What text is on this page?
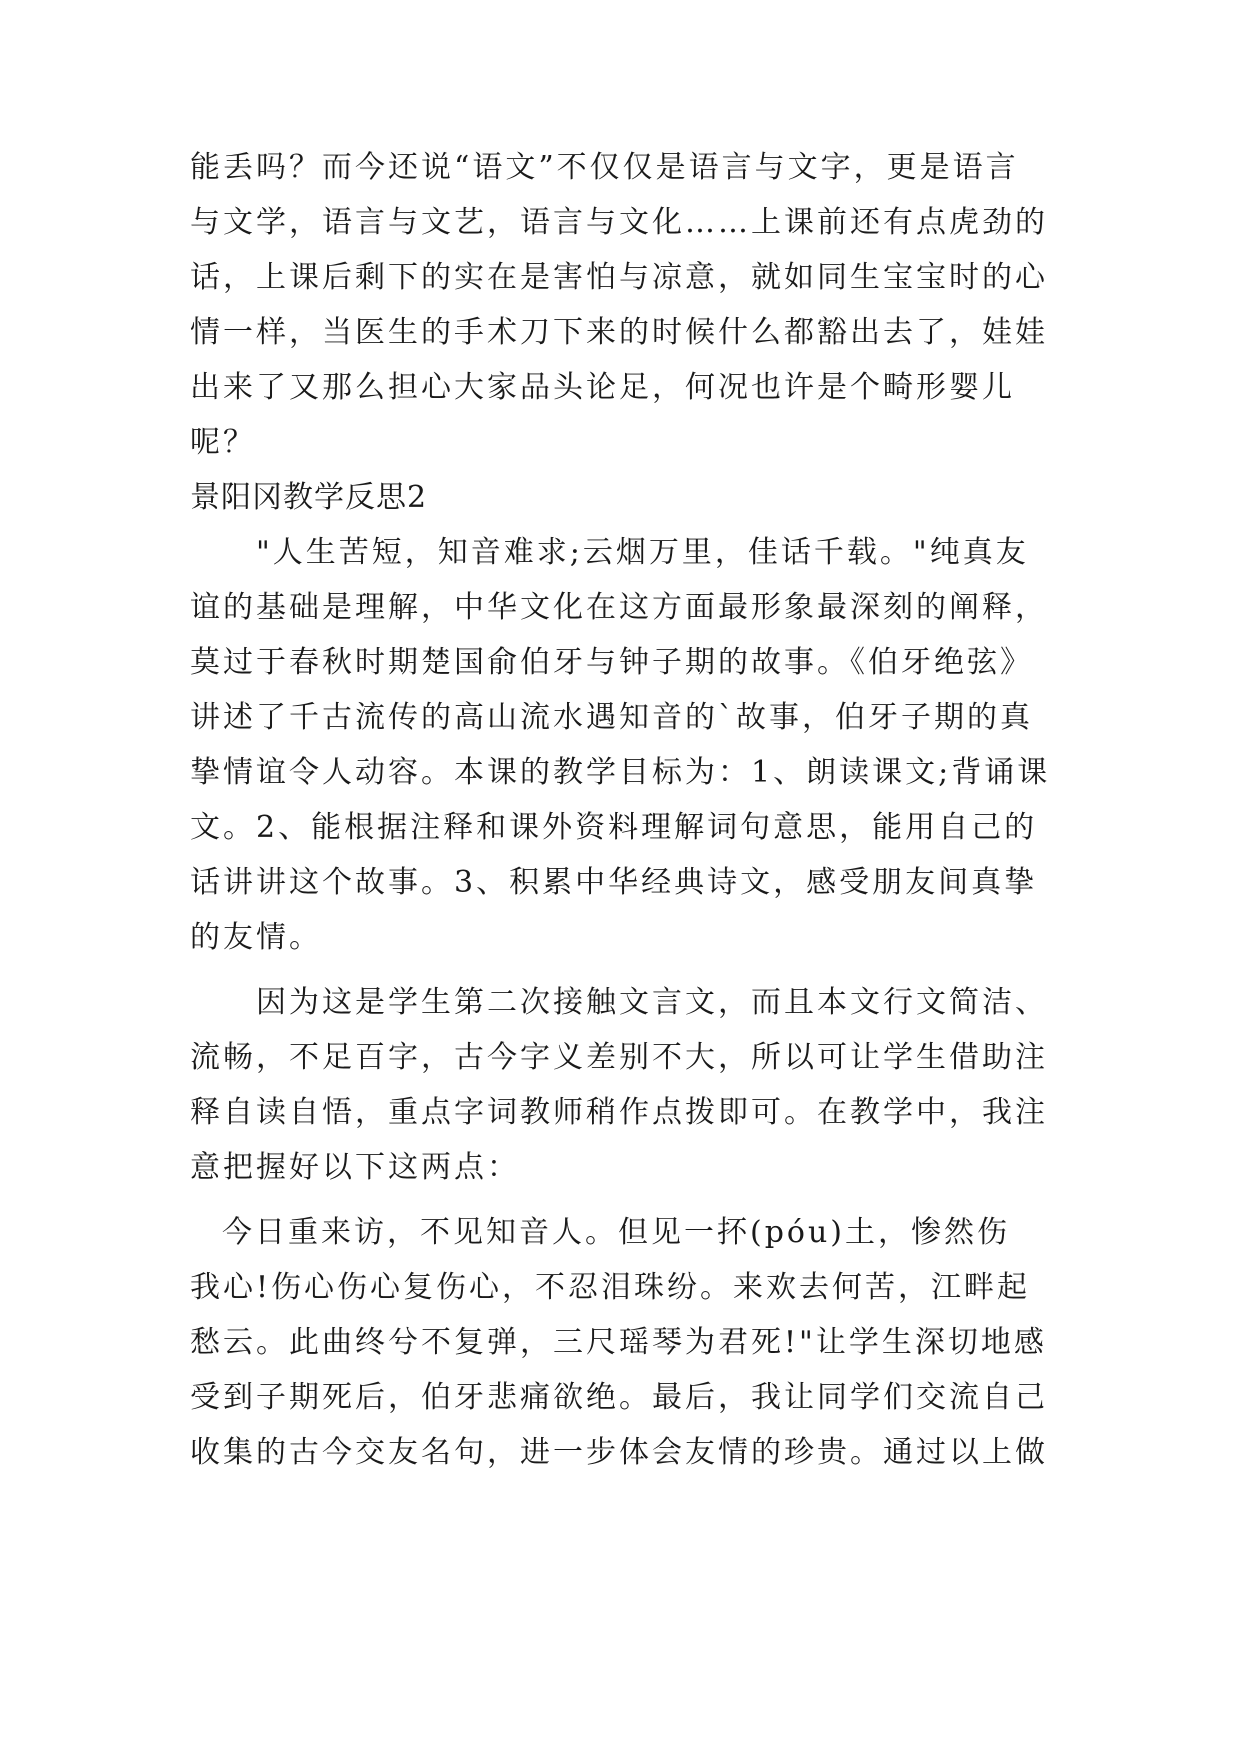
能丢吗？而今还说“语文”不仅仅是语言与文字，更是语言
与文学，语言与文艺，语言与文化……上课前还有点虎劲的
话，上课后剩下的实在是害怕与凉意，就如同生宝宝时的心
情一样，当医生的手术刀下来的时候什么都豁出去了，娃娃
出来了又那么担心大家品头论足，何况也许是个畸形婴儿
呢？
景阳冈教学反思2
"人生苦短，知音难求;云烟万里，佳话千载。"纯真友
谊的基础是理解，中华文化在这方面最形象最深刻的阐释，
莫过于春秋时期楚国俞伯牙与钟子期的故事。《伯牙绝弦》
讲述了千古流传的高山流水遇知音的`故事，伯牙子期的真
挚情谊令人动容。本课的教学目标为：1、朗读课文;背诵课
文。2、能根据注释和课外资料理解词句意思，能用自己的
话讲讲这个故事。3、积累中华经典诗文，感受朋友间真挚
的友情。
因为这是学生第二次接触文言文，而且本文行文简洁、
流畅，不足百字，古今字义差别不大，所以可让学生借助注
释自读自悟，重点字词教师稍作点拨即可。在教学中，我注
意把握好以下这两点：
今日重来访，不见知音人。但见一抔(póu)土，惨然伤
我心!伤心伤心复伤心，不忍泪珠纷。来欢去何苦，江畔起
愁云。此曲终兮不复弹，三尺瑶琴为君死!"让学生深切地感
受到子期死后，伯牙悲痛欲绝。最后，我让同学们交流自己
收集的古今交友名句，进一步体会友情的珍贵。通过以上做
